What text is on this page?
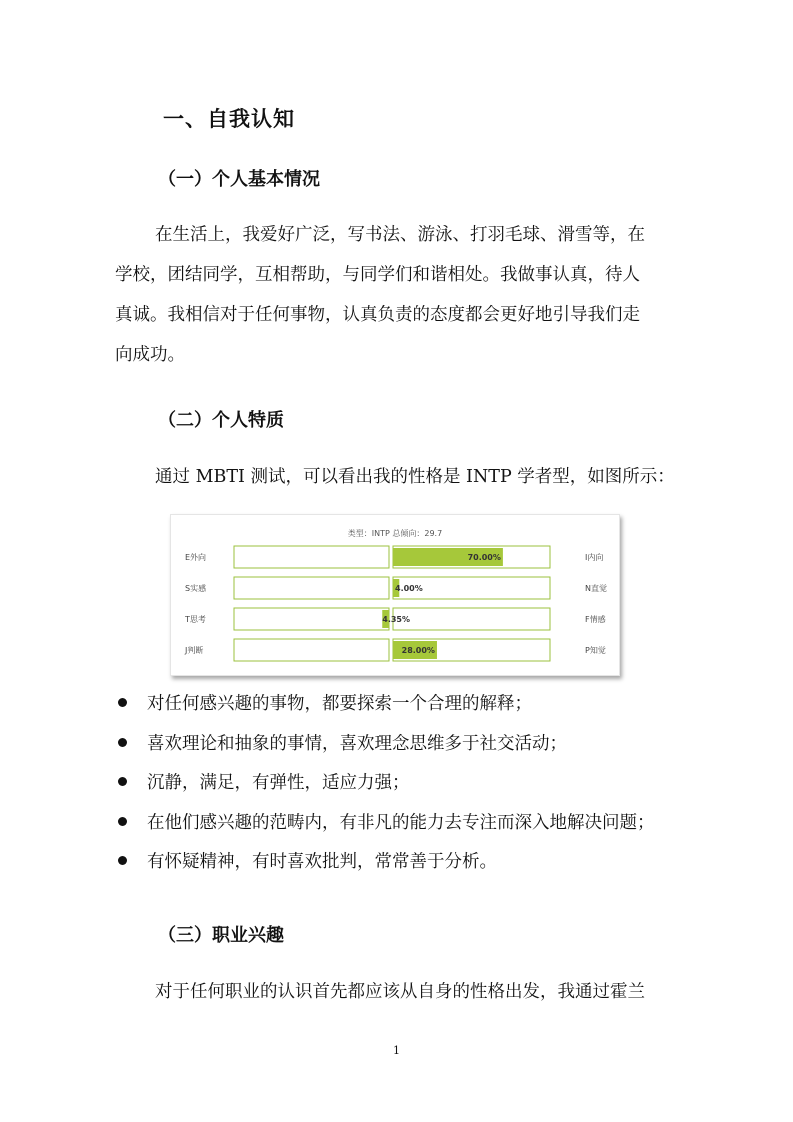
一、自我认知
（一）个人基本情况

在生活上，我爱好广泛，写书法、游泳、打羽毛球、滑雪等，在

学校，团结同学，互相帮助，与同学们和谐相处。我做事认真，待人

真诚。我相信对于任何事物，认真负责的态度都会更好地引导我们走

向成功。

（二）个人特质

通过 MBTI 测试，可以看出我的性格是 INTP 学者型，如图所示：

类型：INTP 总倾向：29.7
E外向	I内向
70.00%
S实感	N直觉
4.00%
T思考	F情感
4.35%
J判断	P知觉
28.00%
对任何感兴趣的事物，都要探索一个合理的解释；
喜欢理论和抽象的事情，喜欢理念思维多于社交活动；
沉静，满足，有弹性，适应力强；
在他们感兴趣的范畴内，有非凡的能力去专注而深入地解决问题；
有怀疑精神，有时喜欢批判，常常善于分析。
（三）职业兴趣

对于任何职业的认识首先都应该从自身的性格出发，我通过霍兰

1
